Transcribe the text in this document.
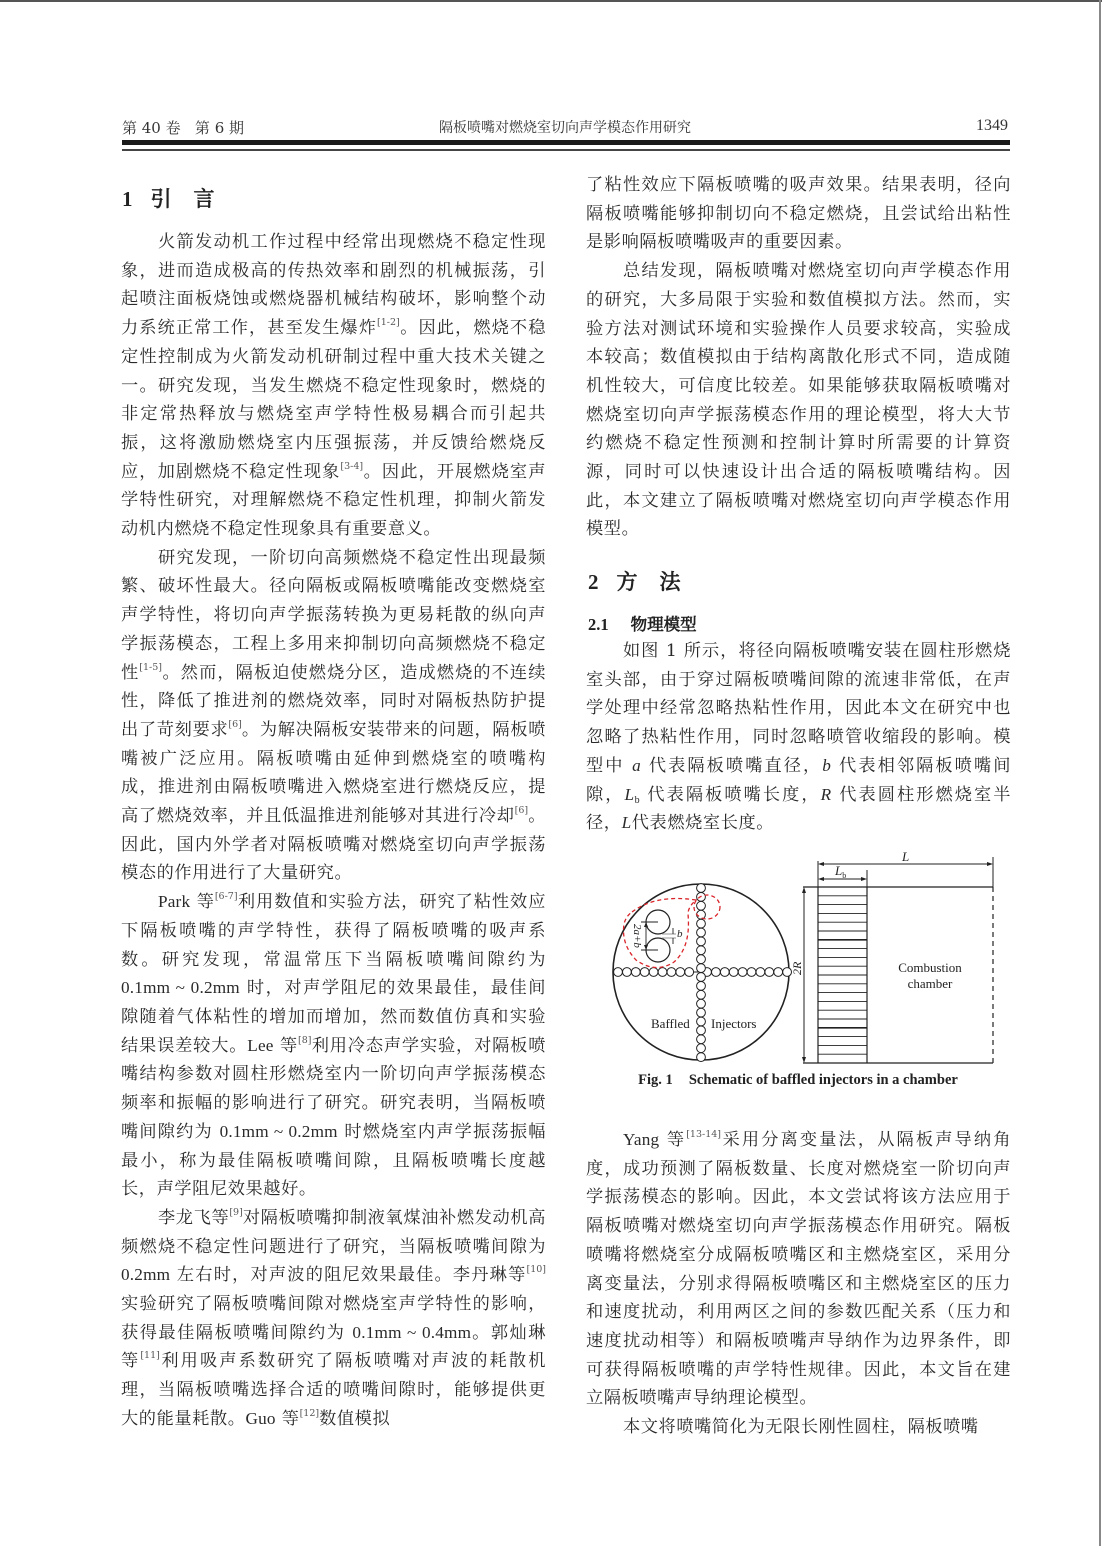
第 40 卷   第 6 期	隔板喷嘴对燃烧室切向声学模态作用研究	1349
1 引 言

火箭发动机工作过程中经常出现燃烧不稳定性现象，进而造成极高的传热效率和剧烈的机械振荡，引起喷注面板烧蚀或燃烧器机械结构破坏，影响整个动力系统正常工作，甚至发生爆炸[1-2]。因此，燃烧不稳定性控制成为火箭发动机研制过程中重大技术关键之一。研究发现，当发生燃烧不稳定性现象时，燃烧的非定常热释放与燃烧室声学特性极易耦合而引起共振，这将激励燃烧室内压强振荡，并反馈给燃烧反应，加剧燃烧不稳定性现象[3-4]。因此，开展燃烧室声学特性研究，对理解燃烧不稳定性机理，抑制火箭发动机内燃烧不稳定性现象具有重要意义。

研究发现，一阶切向高频燃烧不稳定性出现最频繁、破坏性最大。径向隔板或隔板喷嘴能改变燃烧室声学特性，将切向声学振荡转换为更易耗散的纵向声学振荡模态，工程上多用来抑制切向高频燃烧不稳定性[1-5]。然而，隔板迫使燃烧分区，造成燃烧的不连续性，降低了推进剂的燃烧效率，同时对隔板热防护提出了苛刻要求[6]。为解决隔板安装带来的问题，隔板喷嘴被广泛应用。隔板喷嘴由延伸到燃烧室的喷嘴构成，推进剂由隔板喷嘴进入燃烧室进行燃烧反应，提高了燃烧效率，并且低温推进剂能够对其进行冷却[6]。因此，国内外学者对隔板喷嘴对燃烧室切向声学振荡模态的作用进行了大量研究。

Park 等[6-7]利用数值和实验方法，研究了粘性效应下隔板喷嘴的声学特性，获得了隔板喷嘴的吸声系数。研究发现，常温常压下当隔板喷嘴间隙约为 0.1mm ~ 0.2mm 时，对声学阻尼的效果最佳，最佳间隙随着气体粘性的增加而增加，然而数值仿真和实验结果误差较大。Lee 等[8]利用冷态声学实验，对隔板喷嘴结构参数对圆柱形燃烧室内一阶切向声学振荡模态频率和振幅的影响进行了研究。研究表明，当隔板喷嘴间隙约为 0.1mm ~ 0.2mm 时燃烧室内声学振荡振幅最小，称为最佳隔板喷嘴间隙，且隔板喷嘴长度越长，声学阻尼效果越好。

李龙飞等[9]对隔板喷嘴抑制液氧煤油补燃发动机高频燃烧不稳定性问题进行了研究，当隔板喷嘴间隙为 0.2mm 左右时，对声波的阻尼效果最佳。李丹琳等[10]实验研究了隔板喷嘴间隙对燃烧室声学特性的影响，获得最佳隔板喷嘴间隙约为 0.1mm ~ 0.4mm。郭灿琳等[11]利用吸声系数研究了隔板喷嘴对声波的耗散机理，当隔板喷嘴选择合适的喷嘴间隙时，能够提供更大的能量耗散。Guo 等[12]数值模拟

了粘性效应下隔板喷嘴的吸声效果。结果表明，径向隔板喷嘴能够抑制切向不稳定燃烧，且尝试给出粘性是影响隔板喷嘴吸声的重要因素。

总结发现，隔板喷嘴对燃烧室切向声学模态作用的研究，大多局限于实验和数值模拟方法。然而，实验方法对测试环境和实验操作人员要求较高，实验成本较高；数值模拟由于结构离散化形式不同，造成随机性较大，可信度比较差。如果能够获取隔板喷嘴对燃烧室切向声学振荡模态作用的理论模型，将大大节约燃烧不稳定性预测和控制计算时所需要的计算资源，同时可以快速设计出合适的隔板喷嘴结构。因此，本文建立了隔板喷嘴对燃烧室切向声学模态作用模型。

2 方 法
2.1 物理模型

如图 1 所示，将径向隔板喷嘴安装在圆柱形燃烧室头部，由于穿过隔板喷嘴间隙的流速非常低，在声学处理中经常忽略热粘性作用，因此本文在研究中也忽略了热粘性作用，同时忽略喷管收缩段的影响。模型中 a 代表隔板喷嘴直径，b 代表相邻隔板喷嘴间隙，$L_b$ 代表隔板喷嘴长度，R 代表圆柱形燃烧室半径，L代表燃烧室长度。

2a+b	b
Baffled Injectors
L
$L_b$
2R	Combustion
chamber
Fig. 1 Schematic of baffled injectors in a chamber

Yang 等[13-14]采用分离变量法，从隔板声导纳角度，成功预测了隔板数量、长度对燃烧室一阶切向声学振荡模态的影响。因此，本文尝试将该方法应用于隔板喷嘴对燃烧室切向声学振荡模态作用研究。隔板喷嘴将燃烧室分成隔板喷嘴区和主燃烧室区，采用分离变量法，分别求得隔板喷嘴区和主燃烧室区的压力和速度扰动，利用两区之间的参数匹配关系（压力和速度扰动相等）和隔板喷嘴声导纳作为边界条件，即可获得隔板喷嘴的声学特性规律。因此，本文旨在建立隔板喷嘴声导纳理论模型。

本文将喷嘴简化为无限长刚性圆柱，隔板喷嘴
